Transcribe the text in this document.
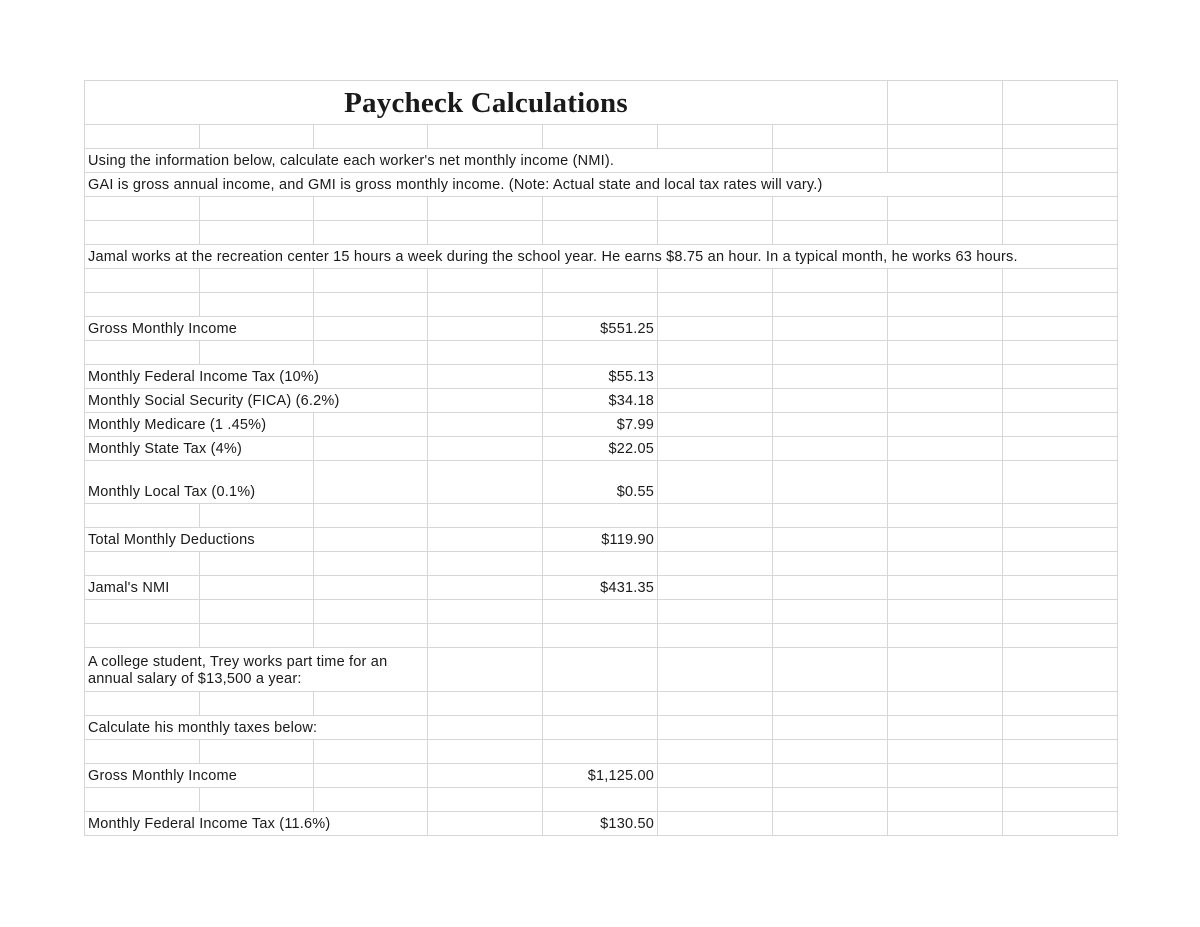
Paycheck Calculations								

Using the information below, calculate each worker's net monthly income (NMI).								
GAI is gross annual income, and GMI is gross monthly income. (Note: Actual state and local tax rates will vary.)								

Jamal works at the recreation center 15 hours a week during the school year. He earns $8.75 an hour. In a typical month, he works 63 hours.								

Gross Monthly Income				$551.25				

Monthly Federal Income Tax (10%)				$55.13				
Monthly Social Security (FICA) (6.2%)				$34.18				
Monthly Medicare (1 .45%)				$7.99				
Monthly State Tax (4%)				$22.05				
Monthly Local Tax (0.1%)				$0.55				

Total Monthly Deductions				$119.90				

Jamal's NMI				$431.35				

A college student, Trey works part time for an annual salary of $13,500 a year:								

Calculate his monthly taxes below:								

Gross Monthly Income				$1,125.00				

Monthly Federal Income Tax (11.6%)				$130.50				
